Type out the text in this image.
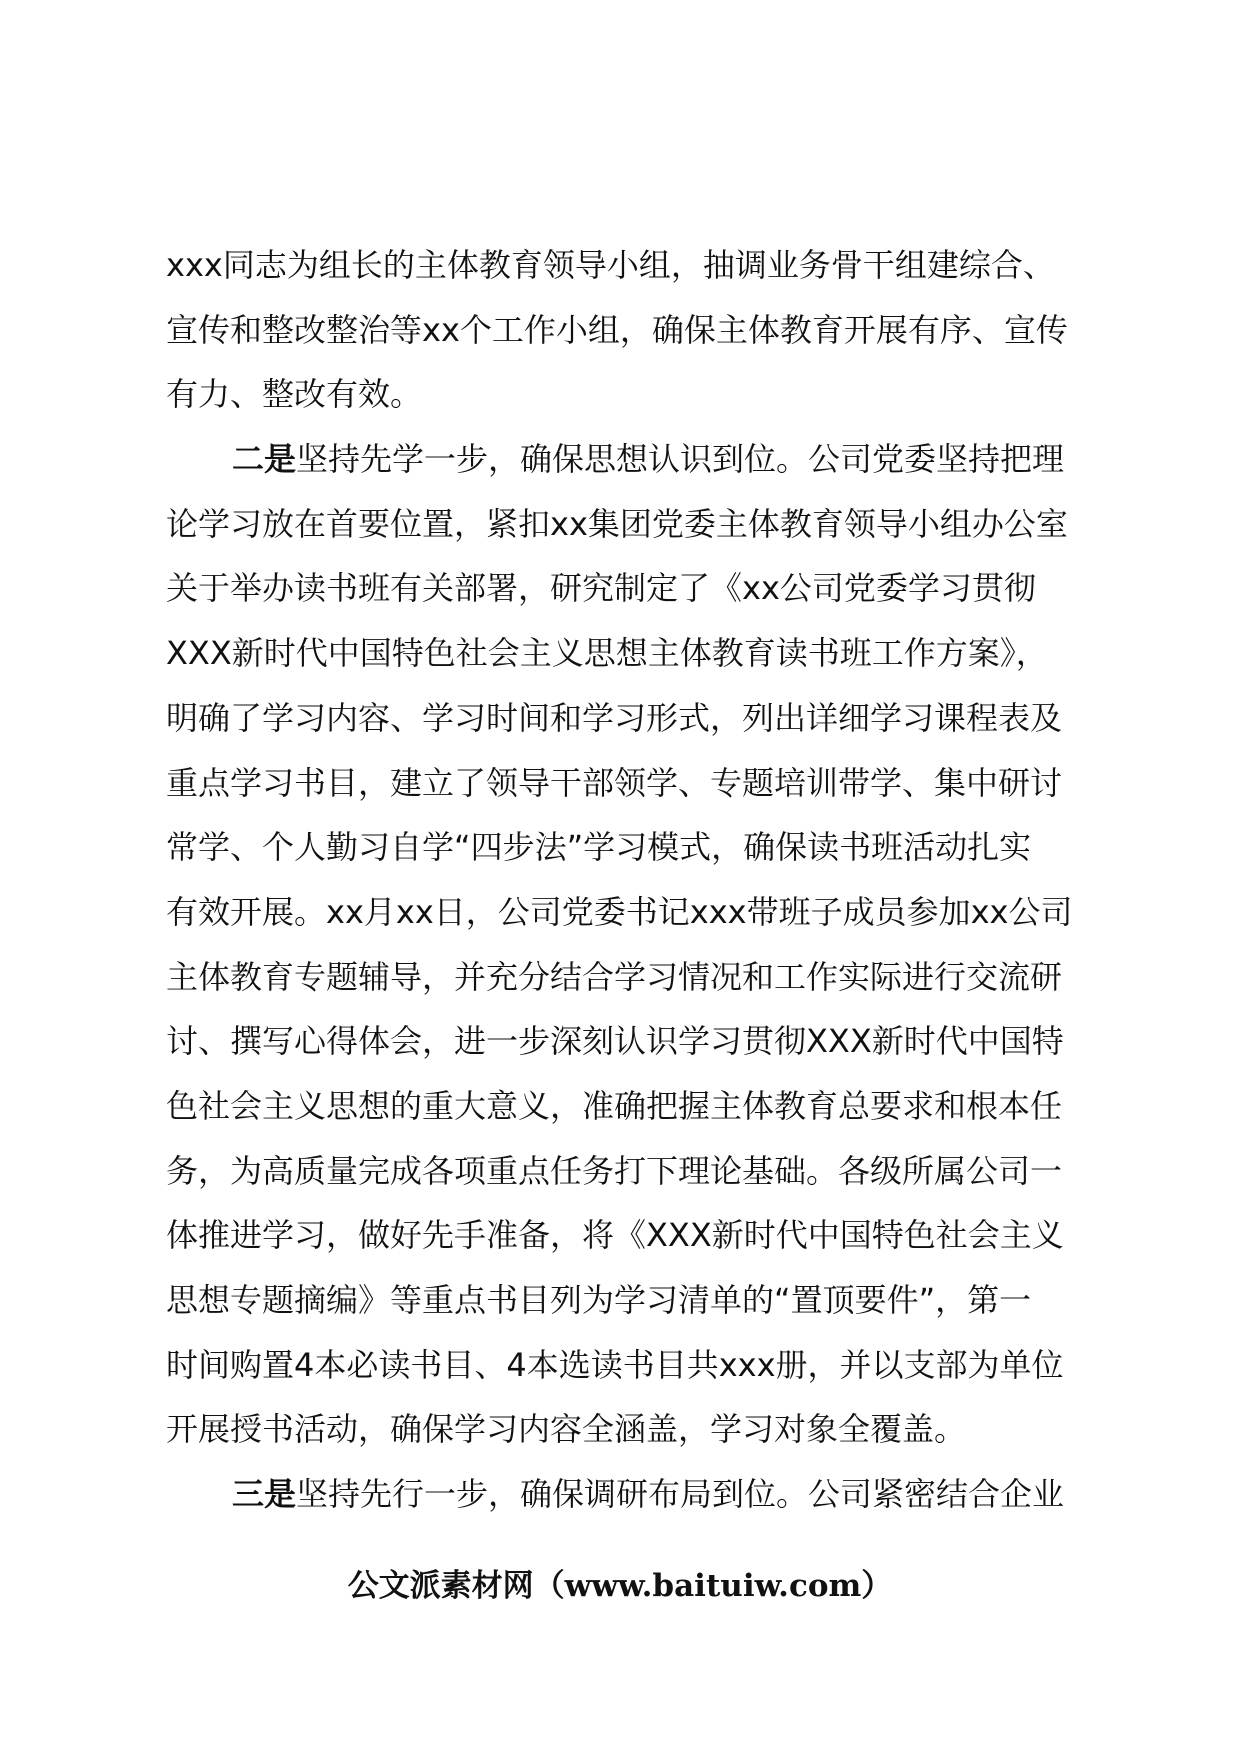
xxx同志为组长的主体教育领导小组，抽调业务骨干组建综合、
宣传和整改整治等xx个工作小组，确保主体教育开展有序、宣传
有力、整改有效。
二是坚持先学一步，确保思想认识到位。公司党委坚持把理
论学习放在首要位置，紧扣xx集团党委主体教育领导小组办公室
关于举办读书班有关部署，研究制定了《xx公司党委学习贯彻
XXX新时代中国特色社会主义思想主体教育读书班工作方案》，
明确了学习内容、学习时间和学习形式，列出详细学习课程表及
重点学习书目，建立了领导干部领学、专题培训带学、集中研讨
常学、个人勤习自学“四步法”学习模式，确保读书班活动扎实
有效开展。xx月xx日，公司党委书记xxx带班子成员参加xx公司
主体教育专题辅导，并充分结合学习情况和工作实际进行交流研
讨、撰写心得体会，进一步深刻认识学习贯彻XXX新时代中国特
色社会主义思想的重大意义，准确把握主体教育总要求和根本任
务，为高质量完成各项重点任务打下理论基础。各级所属公司一
体推进学习，做好先手准备，将《XXX新时代中国特色社会主义
思想专题摘编》等重点书目列为学习清单的“置顶要件”，第一
时间购置4本必读书目、4本选读书目共xxx册，并以支部为单位
开展授书活动，确保学习内容全涵盖，学习对象全覆盖。
三是坚持先行一步，确保调研布局到位。公司紧密结合企业
公文派素材网（www.baituiw.com）
